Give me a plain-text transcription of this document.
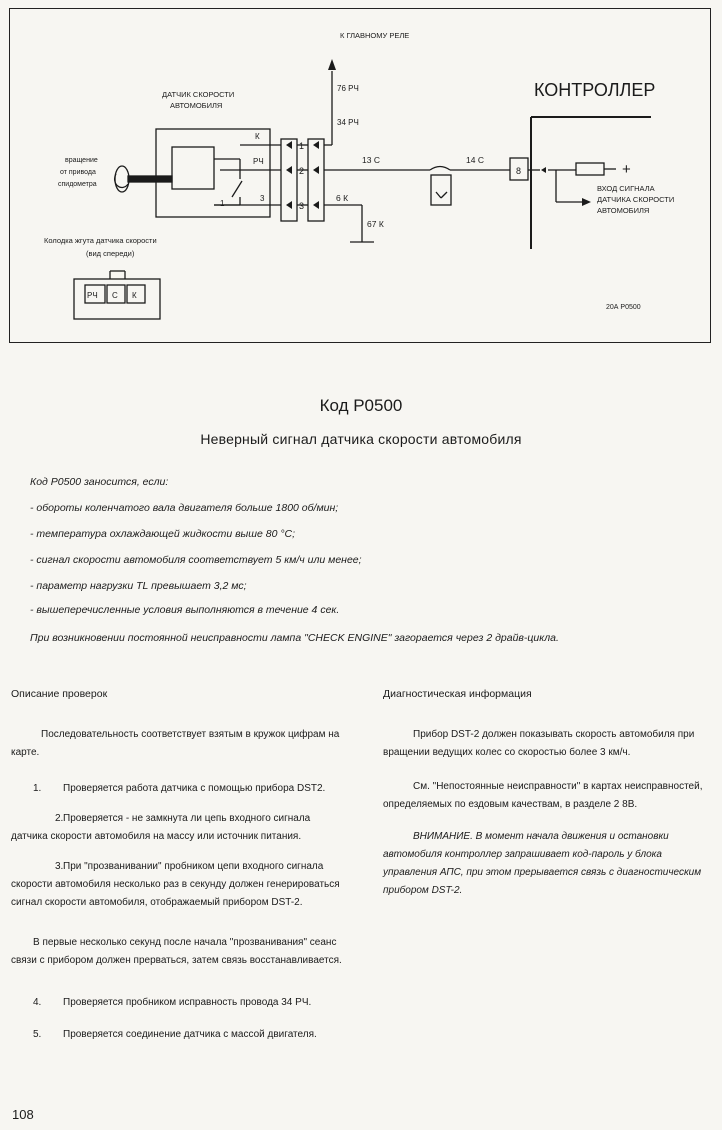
К ГЛАВНОМУ РЕЛЕ
76 РЧ
34 РЧ
ДАТЧИК СКОРОСТИ
АВТОМОБИЛЯ
КОНТРОЛЛЕР
вращение
от привода
спидометра
К
РЧ
1
2
3
1
3
13 С	14 С
6 К
67 К
8	+
ВХОД СИГНАЛА
ДАТЧИКА СКОРОСТИ
АВТОМОБИЛЯ
Колодка жгута датчика скорости
(вид спереди)
РЧ С К
20А Р0500
Код Р0500
Неверный сигнал датчика скорости автомобиля
Код Р0500 заносится, если:
- обороты коленчатого вала двигателя больше 1800 об/мин;
- температура охлаждающей жидкости выше 80 °С;
- сигнал скорости автомобиля соответствует 5 км/ч или менее;
- параметр нагрузки TL превышает 3,2 мс;
- вышеперечисленные условия выполняются в течение 4 сек.
При возникновении постоянной неисправности лампа "CHECK ENGINE" загорается через 2 драйв-цикла.
Описание проверок
Последовательность соответствует взятым в кружок цифрам на карте.
1. Проверяется работа датчика с помощью прибора DST2.
2.Проверяется - не замкнута ли цепь входного сигнала датчика скорости автомобиля на массу или источник питания.
3.При "прозванивании" пробником цепи входного сигнала скорости автомобиля несколько раз в секунду должен генерироваться сигнал скорости автомобиля, отображаемый прибором DST-2.
В первые несколько секунд после начала "прозванивания" сеанс связи с прибором должен прерваться, затем связь восстанавливается.
4. Проверяется пробником исправность провода 34 РЧ.
5. Проверяется соединение датчика с массой двигателя.
Диагностическая информация
Прибор DST-2 должен показывать скорость автомобиля при вращении ведущих колес со скоростью более 3 км/ч.
См. "Непостоянные неисправности" в картах неисправностей, определяемых по ездовым качествам, в разделе 2 8В.
ВНИМАНИЕ. В момент начала движения и остановки автомобиля контроллер запрашивает код-пароль у блока управления АПС, при этом прерывается связь с диагностическим прибором DST-2.
108
